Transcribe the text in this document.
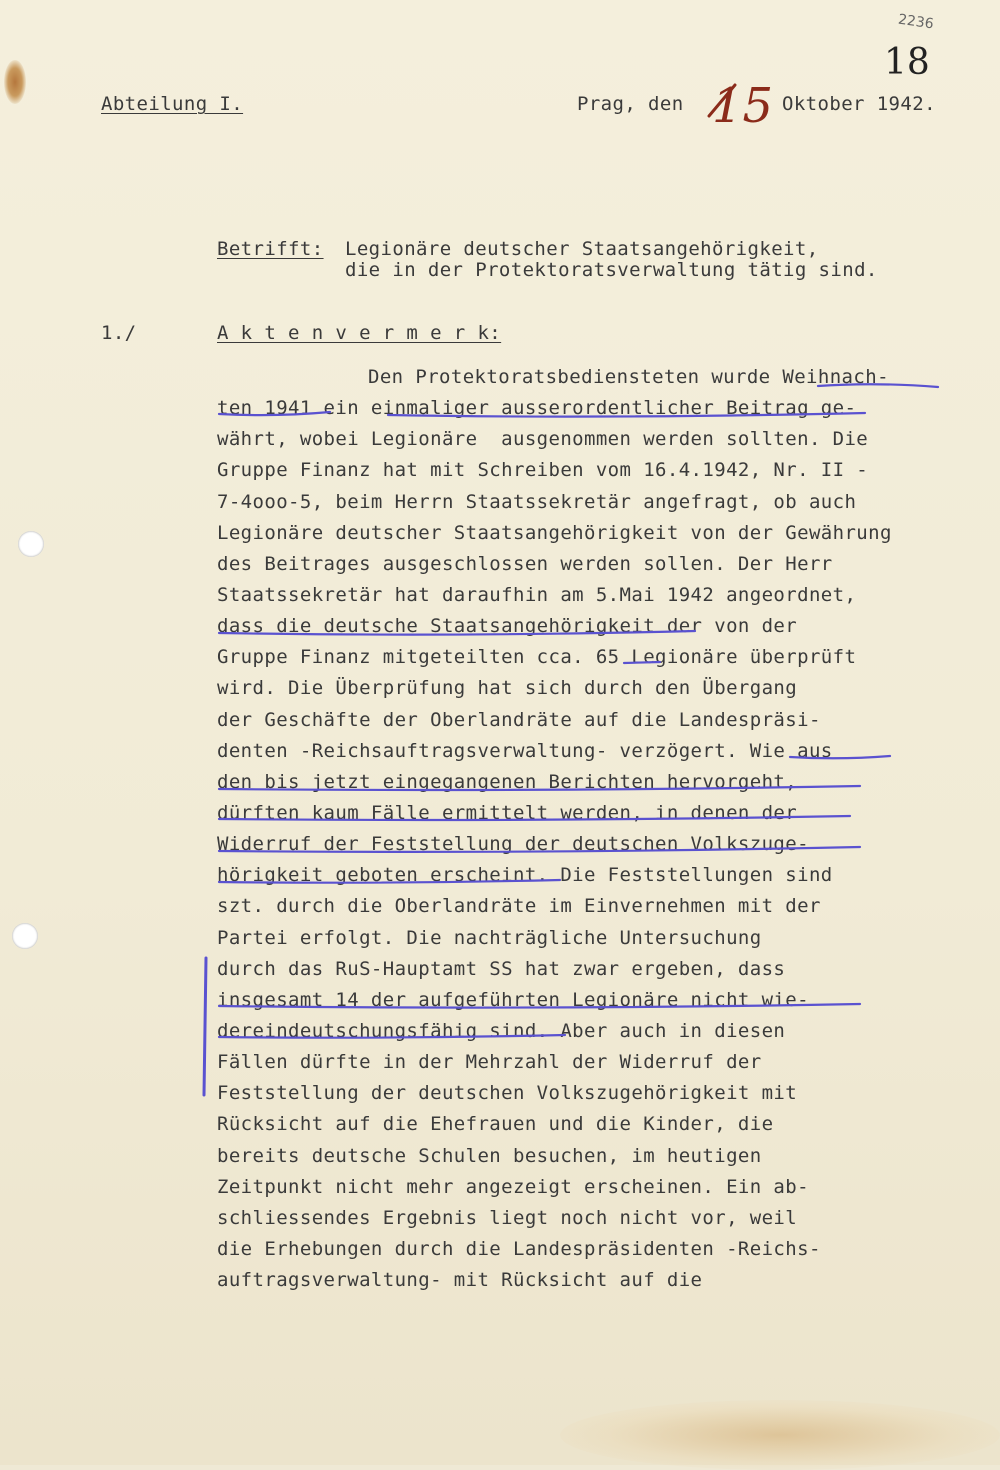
2236
18
Abteilung I.	Prag, den 15 Oktober 1942.
Betrifft: Legionäre deutscher Staatsangehörigkeit,
die in der Protektoratsverwaltung tätig sind.
1./	A k t e n v e r m e r k:
Den Protektoratsbediensteten wurde Weihnach-
ten 1941 ein einmaliger ausserordentlicher Beitrag ge-
währt, wobei Legionäre  ausgenommen werden sollten. Die
Gruppe Finanz hat mit Schreiben vom 16.4.1942, Nr. II -
7-4ooo-5, beim Herrn Staatssekretär angefragt, ob auch
Legionäre deutscher Staatsangehörigkeit von der Gewährung
des Beitrages ausgeschlossen werden sollen. Der Herr
Staatssekretär hat daraufhin am 5.Mai 1942 angeordnet,
dass die deutsche Staatsangehörigkeit der von der
Gruppe Finanz mitgeteilten cca. 65 Legionäre überprüft
wird. Die Überprüfung hat sich durch den Übergang
der Geschäfte der Oberlandräte auf die Landespräsi-
denten -Reichsauftragsverwaltung- verzögert. Wie aus
den bis jetzt eingegangenen Berichten hervorgeht,
dürften kaum Fälle ermittelt werden, in denen der
Widerruf der Feststellung der deutschen Volkszuge-
hörigkeit geboten erscheint. Die Feststellungen sind
szt. durch die Oberlandräte im Einvernehmen mit der
Partei erfolgt. Die nachträgliche Untersuchung
durch das RuS-Hauptamt SS hat zwar ergeben, dass
insgesamt 14 der aufgeführten Legionäre nicht wie-
dereindeutschungsfähig sind. Aber auch in diesen
Fällen dürfte in der Mehrzahl der Widerruf der
Feststellung der deutschen Volkszugehörigkeit mit
Rücksicht auf die Ehefrauen und die Kinder, die
bereits deutsche Schulen besuchen, im heutigen
Zeitpunkt nicht mehr angezeigt erscheinen. Ein ab-
schliessendes Ergebnis liegt noch nicht vor, weil
die Erhebungen durch die Landespräsidenten -Reichs-
auftragsverwaltung- mit Rücksicht auf die
